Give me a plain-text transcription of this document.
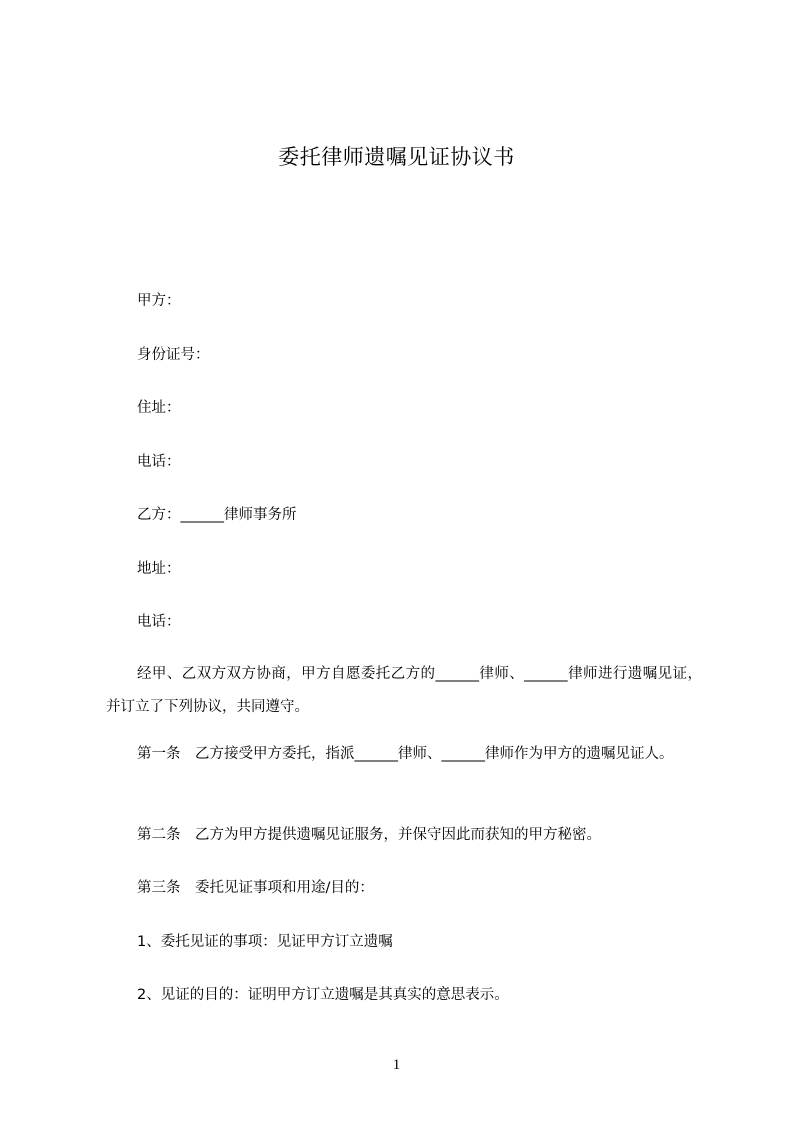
委托律师遗嘱见证协议书
甲方：
身份证号：
住址：
电话：
乙方：______律师事务所
地址：
电话：
经甲、乙双方双方协商，甲方自愿委托乙方的______律师、______律师进行遗嘱见证，并订立了下列协议，共同遵守。
第一条　乙方接受甲方委托，指派______律师、______律师作为甲方的遗嘱见证人。
第二条　乙方为甲方提供遗嘱见证服务，并保守因此而获知的甲方秘密。
第三条　委托见证事项和用途/目的：
1、委托见证的事项：见证甲方订立遗嘱
2、见证的目的：证明甲方订立遗嘱是其真实的意思表示。
1
